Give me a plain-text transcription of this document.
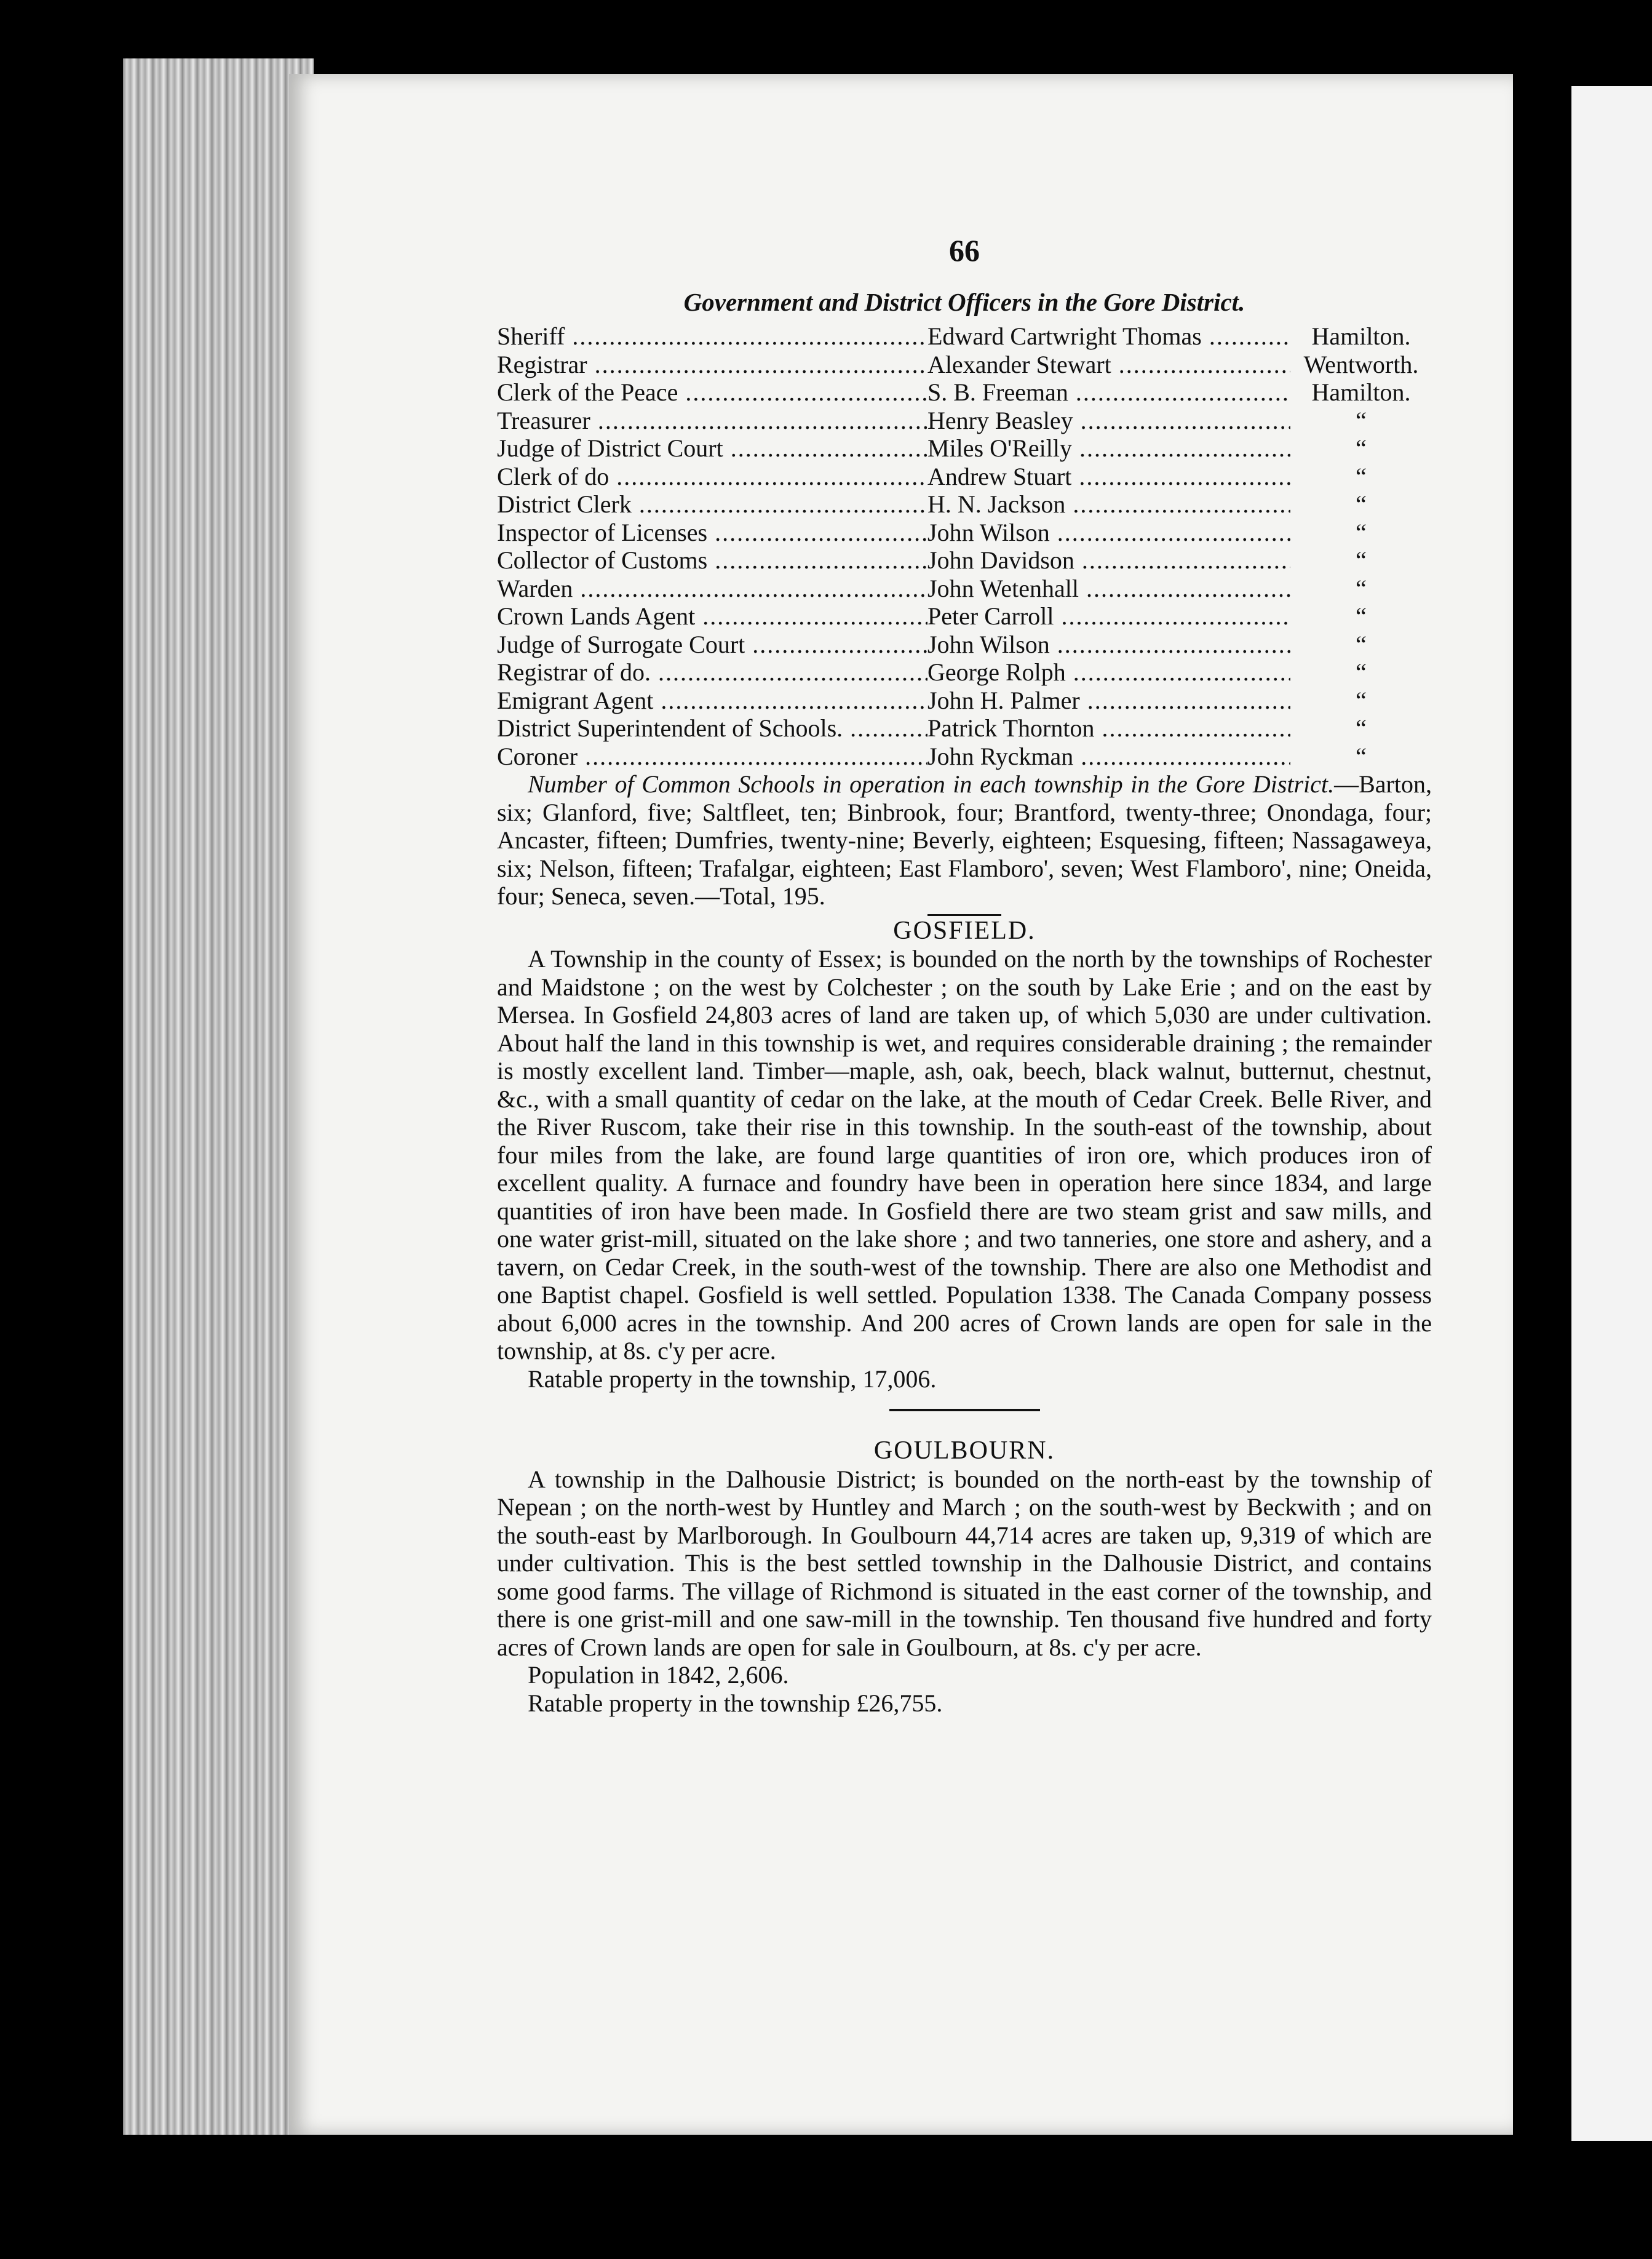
66
Government and District Officers in the Gore District.
Sheriff .....	Edward Cartwright Thomas .....	Hamilton.
Registrar .....	Alexander Stewart .....	Wentworth.
Clerk of the Peace .....	S. B. Freeman .....	Hamilton.
Treasurer .....	Henry Beasley .....	“
Judge of District Court .....	Miles O'Reilly .....	“
Clerk of do .....	Andrew Stuart .....	“
District Clerk .....	H. N. Jackson .....	“
Inspector of Licenses .....	John Wilson .....	“
Collector of Customs .....	John Davidson .....	“
Warden .....	John Wetenhall .....	“
Crown Lands Agent .....	Peter Carroll .....	“
Judge of Surrogate Court .....	John Wilson .....	“
Registrar of do. .....	George Rolph .....	“
Emigrant Agent .....	John H. Palmer .....	“
District Superintendent of Schools. .....	Patrick Thornton .....	“
Coroner .....	John Ryckman .....	“

Number of Common Schools in operation in each township in the Gore District.—Barton, six; Glanford, five; Saltfleet, ten; Binbrook, four; Brantford, twenty-three; Onondaga, four; Ancaster, fifteen; Dumfries, twenty-nine; Beverly, eighteen; Esquesing, fifteen; Nassagaweya, six; Nelson, fifteen; Trafalgar, eighteen; East Flamboro', seven; West Flamboro', nine; Oneida, four; Seneca, seven.—Total, 195.

GOSFIELD.

A Township in the county of Essex; is bounded on the north by the townships of Rochester and Maidstone ; on the west by Colchester ; on the south by Lake Erie ; and on the east by Mersea. In Gosfield 24,803 acres of land are taken up, of which 5,030 are under cultivation. About half the land in this township is wet, and requires considerable draining ; the remainder is mostly excellent land. Timber—maple, ash, oak, beech, black walnut, butternut, chestnut, &c., with a small quantity of cedar on the lake, at the mouth of Cedar Creek. Belle River, and the River Ruscom, take their rise in this township. In the south-east of the township, about four miles from the lake, are found large quantities of iron ore, which produces iron of excellent quality. A furnace and foundry have been in operation here since 1834, and large quantities of iron have been made. In Gosfield there are two steam grist and saw mills, and one water grist-mill, situated on the lake shore ; and two tanneries, one store and ashery, and a tavern, on Cedar Creek, in the south-west of the township. There are also one Methodist and one Baptist chapel. Gosfield is well settled. Population 1338. The Canada Company possess about 6,000 acres in the township. And 200 acres of Crown lands are open for sale in the township, at 8s. c'y per acre.

Ratable property in the township, 17,006.

GOULBOURN.

A township in the Dalhousie District; is bounded on the north-east by the township of Nepean ; on the north-west by Huntley and March ; on the south-west by Beckwith ; and on the south-east by Marlborough. In Goulbourn 44,714 acres are taken up, 9,319 of which are under cultivation. This is the best settled township in the Dalhousie District, and contains some good farms. The village of Richmond is situated in the east corner of the township, and there is one grist-mill and one saw-mill in the township. Ten thousand five hundred and forty acres of Crown lands are open for sale in Goulbourn, at 8s. c'y per acre.

Population in 1842, 2,606.

Ratable property in the township £26,755.
